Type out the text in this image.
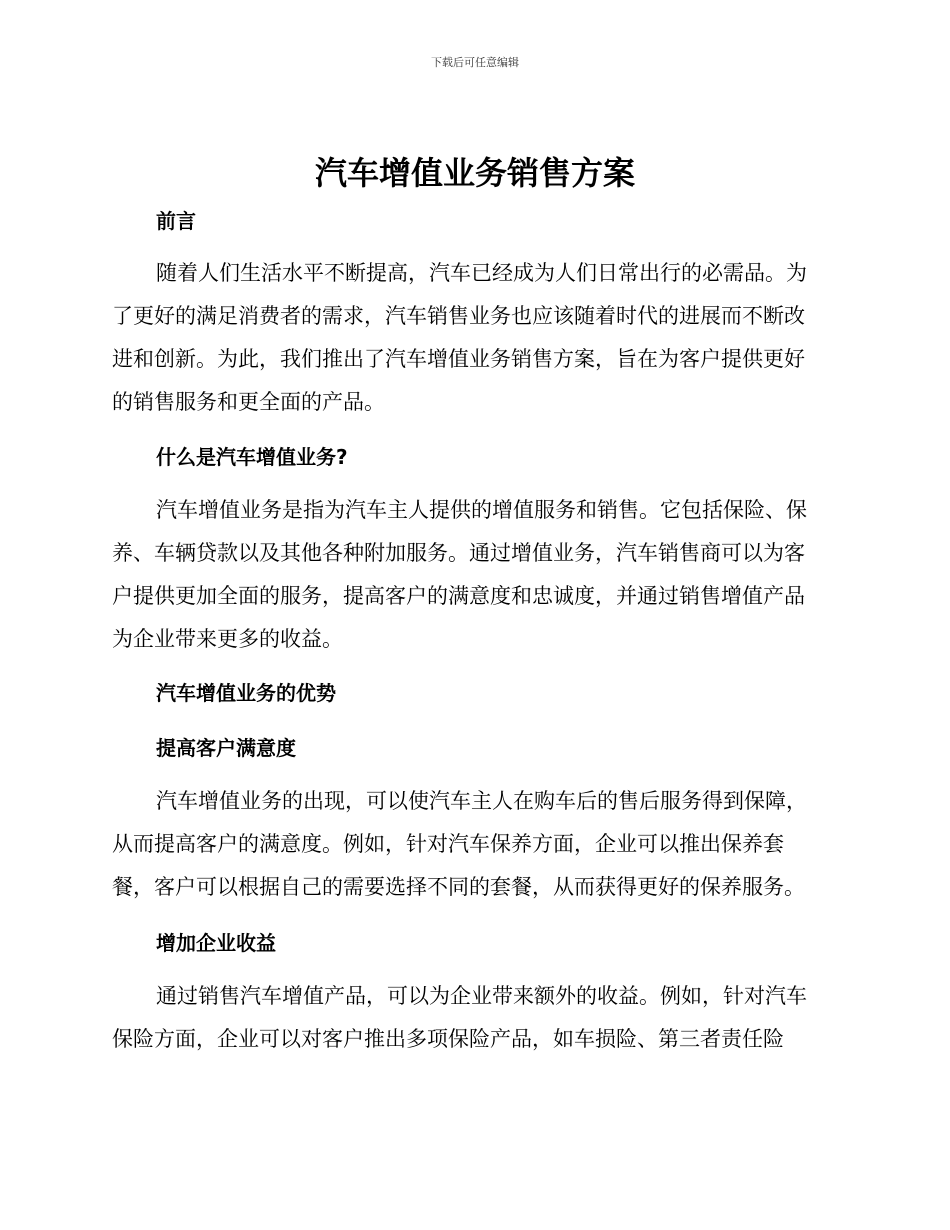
下载后可任意编辑
汽车增值业务销售方案
前言
随着人们生活水平不断提高，汽车已经成为人们日常出行的必需品。为
了更好的满足消费者的需求，汽车销售业务也应该随着时代的进展而不断改
进和创新。为此，我们推出了汽车增值业务销售方案，旨在为客户提供更好
的销售服务和更全面的产品。
什么是汽车增值业务?
汽车增值业务是指为汽车主人提供的增值服务和销售。它包括保险、保
养、车辆贷款以及其他各种附加服务。通过增值业务，汽车销售商可以为客
户提供更加全面的服务，提高客户的满意度和忠诚度，并通过销售增值产品
为企业带来更多的收益。
汽车增值业务的优势
提高客户满意度
汽车增值业务的出现，可以使汽车主人在购车后的售后服务得到保障，
从而提高客户的满意度。例如，针对汽车保养方面，企业可以推出保养套
餐，客户可以根据自己的需要选择不同的套餐，从而获得更好的保养服务。
增加企业收益
通过销售汽车增值产品，可以为企业带来额外的收益。例如，针对汽车
保险方面，企业可以对客户推出多项保险产品，如车损险、第三者责任险
